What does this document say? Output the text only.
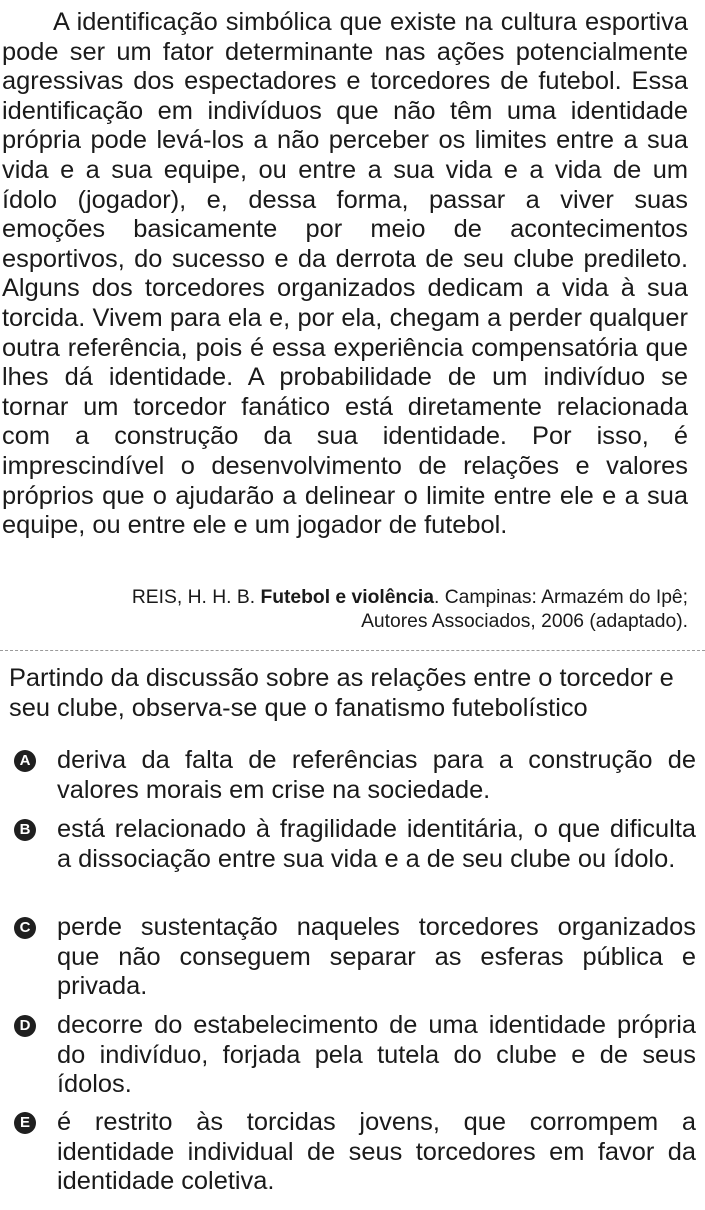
A identificação simbólica que existe na cultura esportiva pode ser um fator determinante nas ações potencialmente agressivas dos espectadores e torcedores de futebol. Essa identificação em indivíduos que não têm uma identidade própria pode levá-los a não perceber os limites entre a sua vida e a sua equipe, ou entre a sua vida e a vida de um ídolo (jogador), e, dessa forma, passar a viver suas emoções basicamente por meio de acontecimentos esportivos, do sucesso e da derrota de seu clube predileto. Alguns dos torcedores organizados dedicam a vida à sua torcida. Vivem para ela e, por ela, chegam a perder qualquer outra referência, pois é essa experiência compensatória que lhes dá identidade. A probabilidade de um indivíduo se tornar um torcedor fanático está diretamente relacionada com a construção da sua identidade. Por isso, é imprescindível o desenvolvimento de relações e valores próprios que o ajudarão a delinear o limite entre ele e a sua equipe, ou entre ele e um jogador de futebol.

REIS, H. H. B. Futebol e violência. Campinas: Armazém do Ipê;
Autores Associados, 2006 (adaptado).

Partindo da discussão sobre as relações entre o torcedor e seu clube, observa-se que o fanatismo futebolístico

A deriva da falta de referências para a construção de valores morais em crise na sociedade.

B está relacionado à fragilidade identitária, o que dificulta a dissociação entre sua vida e a de seu clube ou ídolo.

C perde sustentação naqueles torcedores organizados que não conseguem separar as esferas pública e privada.

D decorre do estabelecimento de uma identidade própria do indivíduo, forjada pela tutela do clube e de seus ídolos.

E é restrito às torcidas jovens, que corrompem a identidade individual de seus torcedores em favor da identidade coletiva.
